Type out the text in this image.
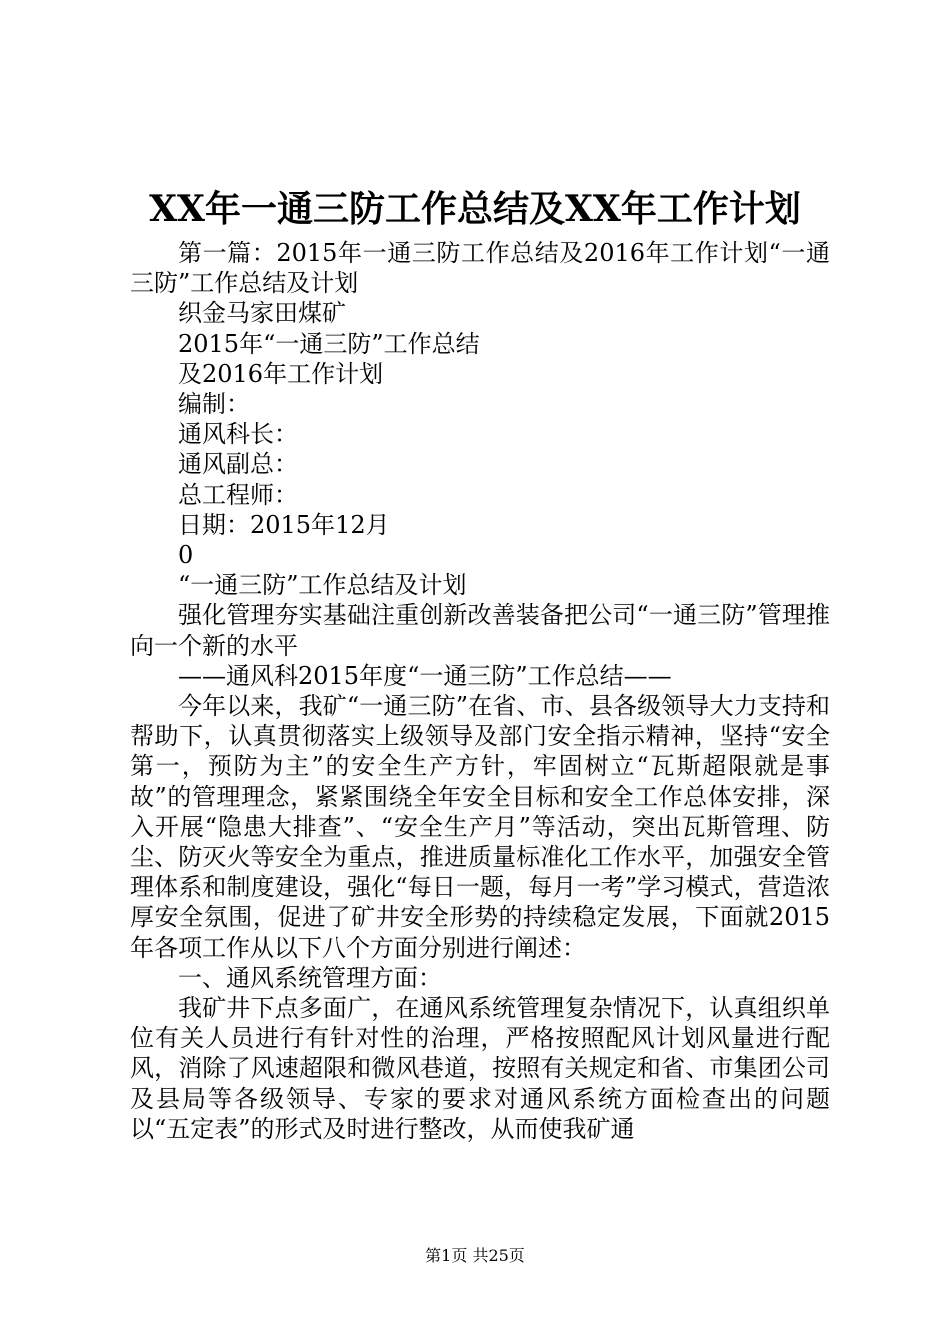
XX年一通三防工作总结及XX年工作计划

第一篇：2015年一通三防工作总结及2016年工作计划“一通三防”工作总结及计划

织金马家田煤矿

2015年“一通三防”工作总结

及2016年工作计划

编制：

通风科长：

通风副总：

总工程师：

日期：2015年12月

0

“一通三防”工作总结及计划

强化管理夯实基础注重创新改善装备把公司“一通三防”管理推向一个新的水平

——通风科2015年度“一通三防”工作总结——

今年以来，我矿“一通三防”在省、市、县各级领导大力支持和帮助下，认真贯彻落实上级领导及部门安全指示精神，坚持“安全第一，预防为主”的安全生产方针，牢固树立“瓦斯超限就是事故”的管理理念，紧紧围绕全年安全目标和安全工作总体安排，深入开展“隐患大排查”、“安全生产月”等活动，突出瓦斯管理、防尘、防灭火等安全为重点，推进质量标准化工作水平，加强安全管理体系和制度建设，强化“每日一题，每月一考”学习模式，营造浓厚安全氛围，促进了矿井安全形势的持续稳定发展，下面就2015年各项工作从以下八个方面分别进行阐述：

一、通风系统管理方面：

我矿井下点多面广，在通风系统管理复杂情况下，认真组织单位有关人员进行有针对性的治理，严格按照配风计划风量进行配风，消除了风速超限和微风巷道，按照有关规定和省、市集团公司及县局等各级领导、专家的要求对通风系统方面检查出的问题以“五定表”的形式及时进行整改，从而使我矿通

第1页 共25页
